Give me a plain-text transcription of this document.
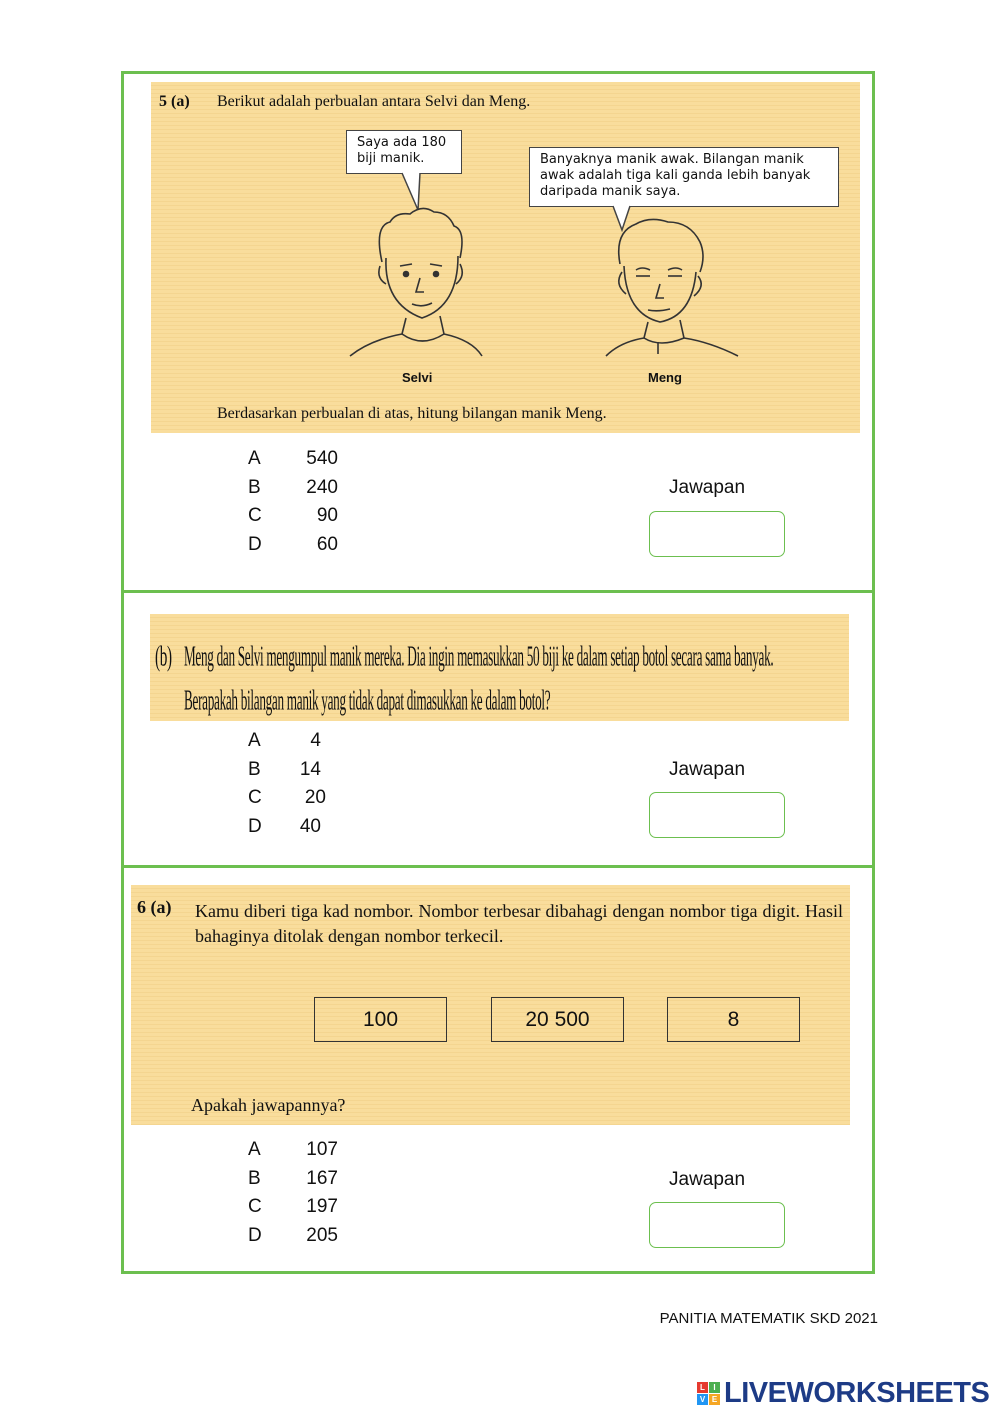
5 (a) Berikut adalah perbualan antara Selvi dan Meng.
Saya ada 180 biji manik.	Banyaknya manik awak. Bilangan manik awak adalah tiga kali ganda lebih banyak daripada manik saya.
Selvi	Meng
Berdasarkan perbualan di atas, hitung bilangan manik Meng.
A	540
B	240
C	90
D	60
Jawapan
(b) Meng dan Selvi mengumpul manik mereka. Dia ingin memasukkan 50 biji ke dalam setiap botol secara sama banyak.
Berapakah bilangan manik yang tidak dapat dimasukkan ke dalam botol?
A	4
B	14
C	20
D	40
Jawapan
6 (a) Kamu diberi tiga kad nombor. Nombor terbesar dibahagi dengan nombor tiga digit. Hasil bahaginya ditolak dengan nombor terkecil.
100	20 500	8
Apakah jawapannya?
A	107
B	167
C	197
D	205
Jawapan
PANITIA MATEMATIK SKD 2021
L	I
V E LIVEWORKSHEETS
